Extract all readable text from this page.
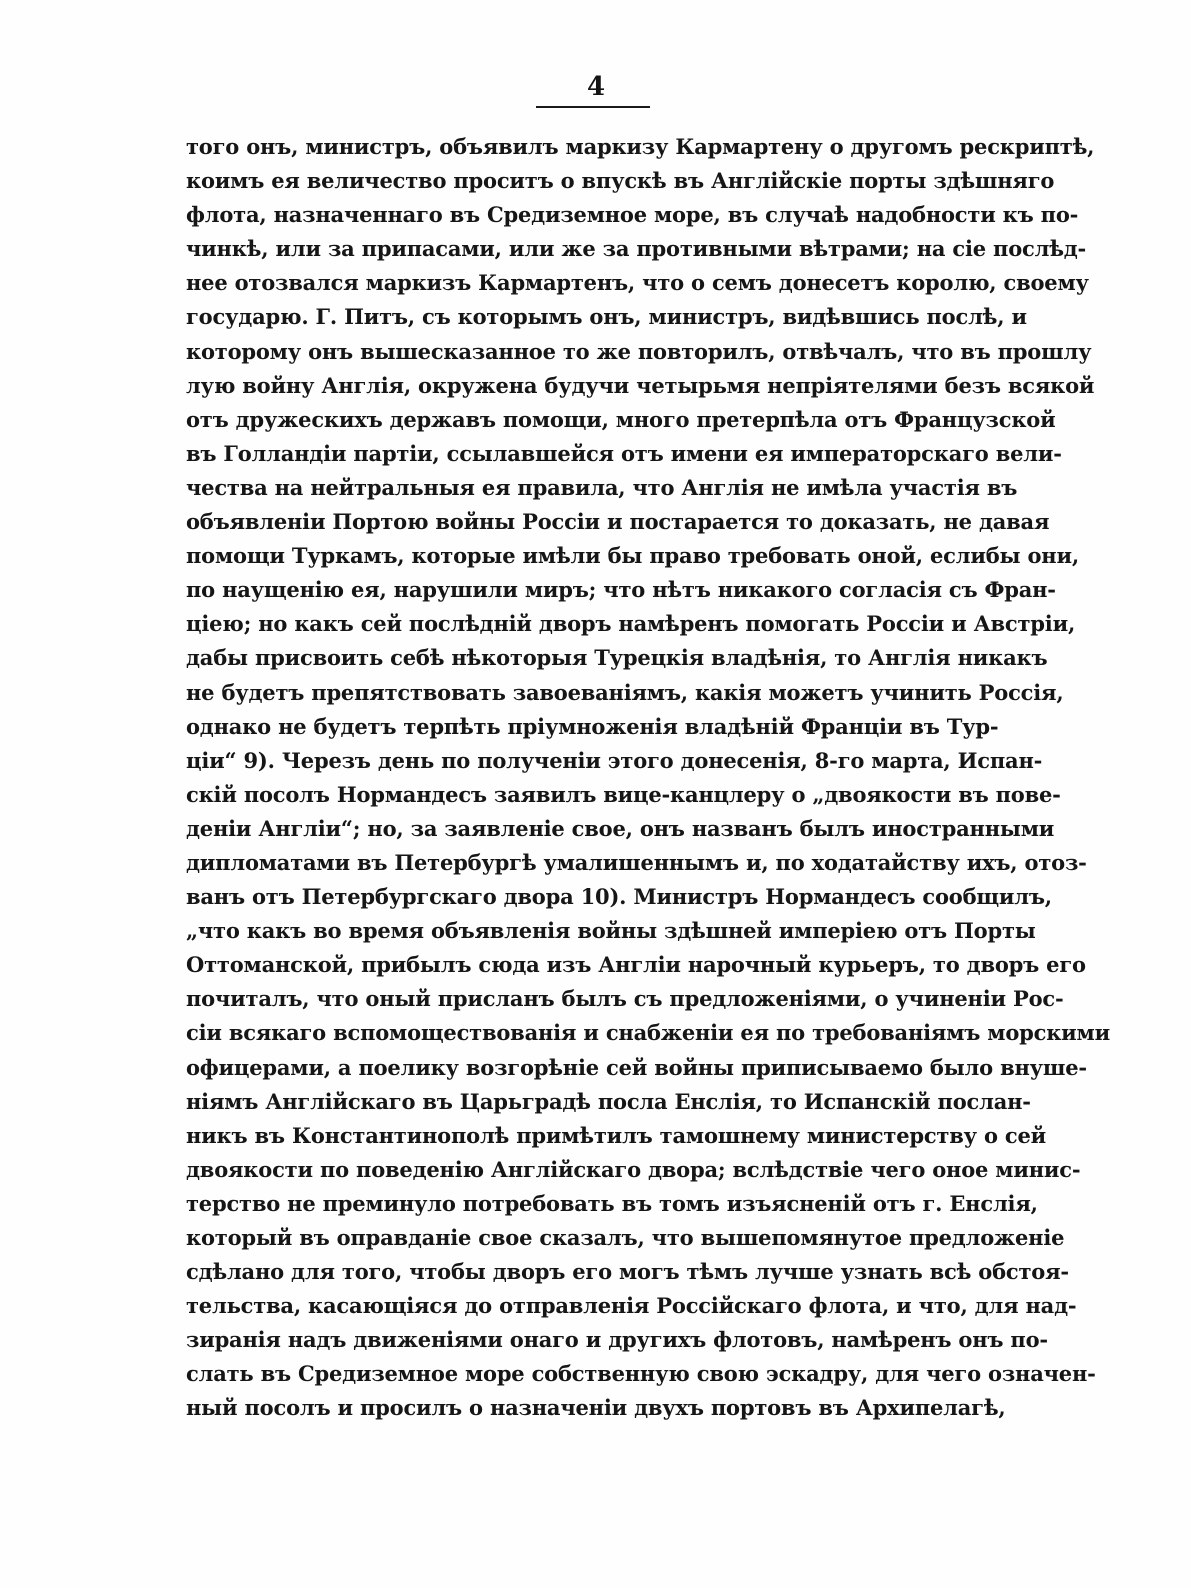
4
того онъ, министръ, объявилъ маркизу Кармартену о другомъ рескриптѣ,
коимъ ея величество проситъ о впускѣ въ Англійскіе порты здѣшняго
флота, назначеннаго въ Средиземное море, въ случаѣ надобности къ по-
чинкѣ, или за припасами, или же за противными вѣтрами; на сіе послѣд-
нее отозвался маркизъ Кармартенъ, что о семъ донесетъ королю, своему
государю. Г. Питъ, съ которымъ онъ, министръ, видѣвшись послѣ, и
которому онъ вышесказанное то же повторилъ, отвѣчалъ, что въ прошлу
лую войну Англія, окружена будучи четырьмя непріятелями безъ всякой
отъ дружескихъ державъ помощи, много претерпѣла отъ Французской
въ Голландіи партіи, ссылавшейся отъ имени ея императорскаго вели-
чества на нейтральныя ея правила, что Англія не имѣла участія въ
объявленіи Портою войны Россіи и постарается то доказать, не давая
помощи Туркамъ, которые имѣли бы право требовать оной, еслибы они,
по наущенію ея, нарушили миръ; что нѣтъ никакого согласія съ Фран-
ціею; но какъ сей послѣдній дворъ намѣренъ помогать Россіи и Австріи,
дабы присвоить себѣ нѣкоторыя Турецкія владѣнія, то Англія никакъ
не будетъ препятствовать завоеваніямъ, какія можетъ учинить Россія,
однако не будетъ терпѣть пріумноженія владѣній Франціи въ Тур-
ціи“ 9). Черезъ день по полученіи этого донесенія, 8-го марта, Испан-
скій посолъ Нормандесъ заявилъ вице-канцлеру о „двоякости въ пове-
деніи Англіи“; но, за заявленіе свое, онъ названъ былъ иностранными
дипломатами въ Петербургѣ умалишеннымъ и, по ходатайству ихъ, отоз-
ванъ отъ Петербургскаго двора 10). Министръ Нормандесъ сообщилъ,
„что какъ во время объявленія войны здѣшней имперіею отъ Порты
Оттоманской, прибылъ сюда изъ Англіи нарочный курьеръ, то дворъ его
почиталъ, что оный присланъ былъ съ предложеніями, о учиненіи Рос-
сіи всякаго вспомоществованія и снабженіи ея по требованіямъ морскими
офицерами, а поелику возгорѣніе сей войны приписываемо было внуше-
ніямъ Англійскаго въ Царьградѣ посла Енслія, то Испанскій послан-
никъ въ Константинополѣ примѣтилъ тамошнему министерству о сей
двоякости по поведенію Англійскаго двора; вслѣдствіе чего оное минис-
терство не преминуло потребовать въ томъ изъясненій отъ г. Енслія,
который въ оправданіе свое сказалъ, что вышепомянутое предложеніе
сдѣлано для того, чтобы дворъ его могъ тѣмъ лучше узнать всѣ обстоя-
тельства, касающіяся до отправленія Россійскаго флота, и что, для над-
зиранія надъ движеніями онаго и другихъ флотовъ, намѣренъ онъ по-
слать въ Средиземное море собственную свою эскадру, для чего означен-
ный посолъ и просилъ о назначеніи двухъ портовъ въ Архипелагѣ,
